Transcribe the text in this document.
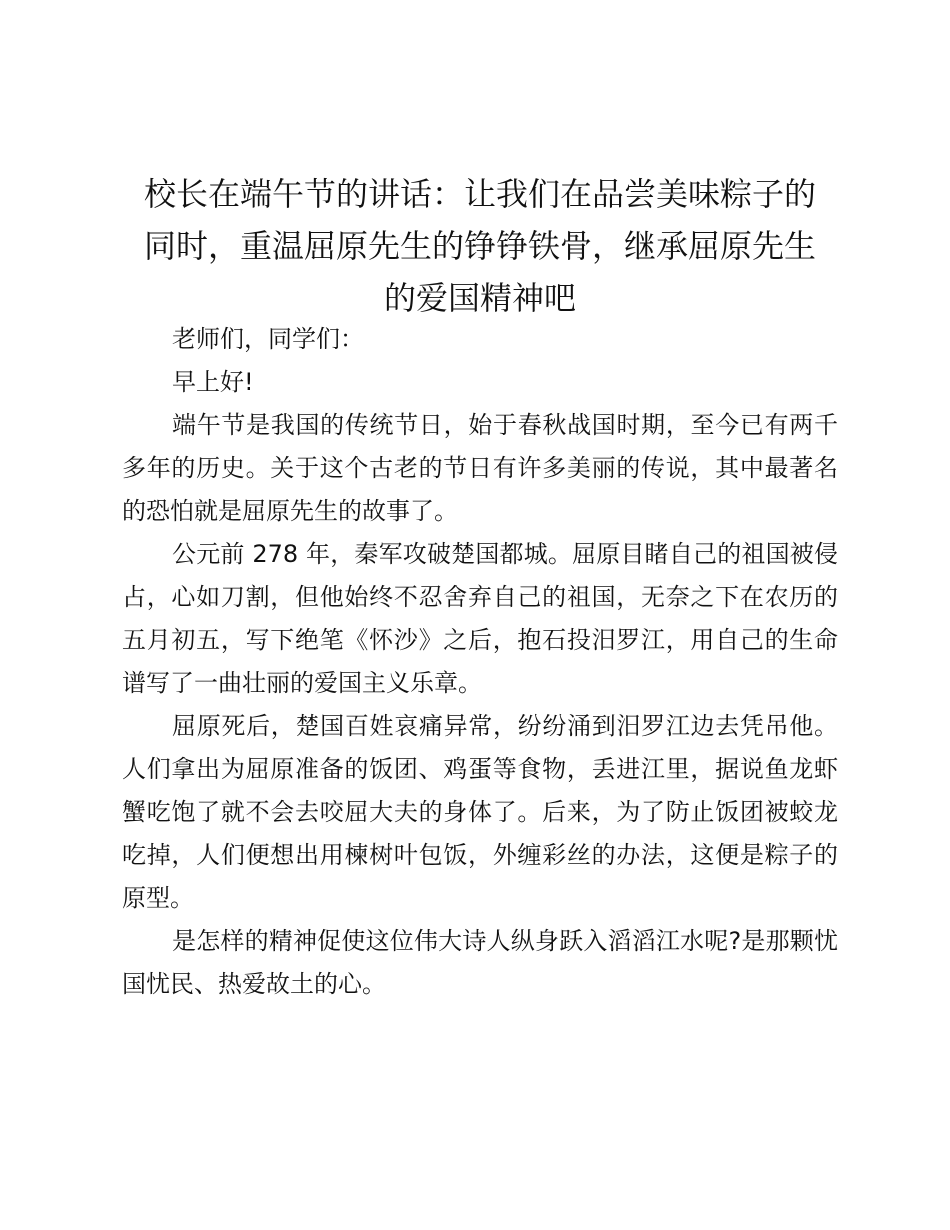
校长在端午节的讲话：让我们在品尝美味粽子的同时，重温屈原先生的铮铮铁骨，继承屈原先生的爱国精神吧

老师们，同学们：

早上好!

端午节是我国的传统节日，始于春秋战国时期，至今已有两千多年的历史。关于这个古老的节日有许多美丽的传说，其中最著名的恐怕就是屈原先生的故事了。

公元前 278 年，秦军攻破楚国都城。屈原目睹自己的祖国被侵占，心如刀割，但他始终不忍舍弃自己的祖国，无奈之下在农历的五月初五，写下绝笔《怀沙》之后，抱石投汨罗江，用自己的生命谱写了一曲壮丽的爱国主义乐章。

屈原死后，楚国百姓哀痛异常，纷纷涌到汨罗江边去凭吊他。人们拿出为屈原准备的饭团、鸡蛋等食物，丢进江里，据说鱼龙虾蟹吃饱了就不会去咬屈大夫的身体了。后来，为了防止饭团被蛟龙吃掉，人们便想出用楝树叶包饭，外缠彩丝的办法，这便是粽子的原型。

是怎样的精神促使这位伟大诗人纵身跃入滔滔江水呢?是那颗忧国忧民、热爱故土的心。
